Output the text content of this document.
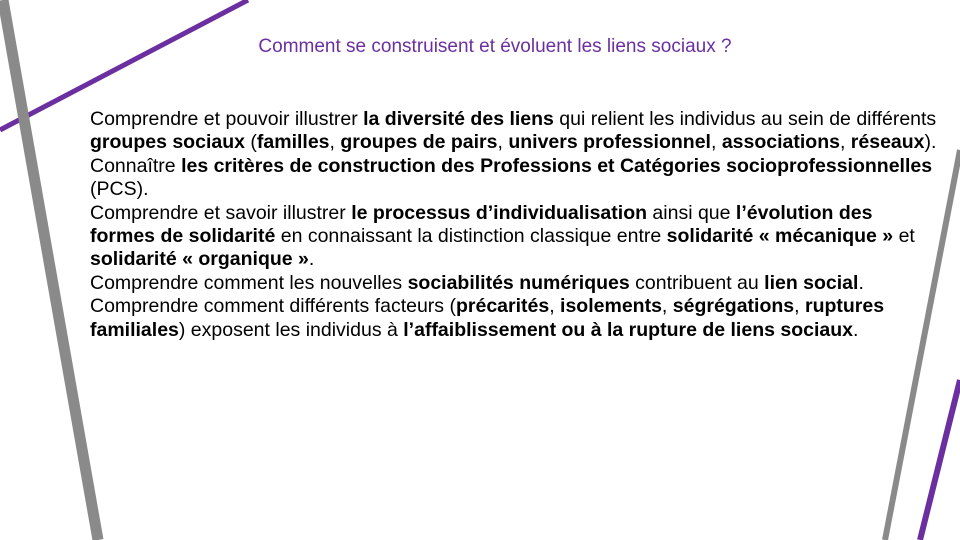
Comment se construisent et évoluent les liens sociaux ?

Comprendre et pouvoir illustrer la diversité des liens qui relient les individus au sein de différents groupes sociaux (familles, groupes de pairs, univers professionnel, associations, réseaux).

Connaître les critères de construction des Professions et Catégories socioprofessionnelles (PCS).

Comprendre et savoir illustrer le processus d’individualisation ainsi que l’évolution des formes de solidarité en connaissant la distinction classique entre solidarité « mécanique » et solidarité « organique ».

Comprendre comment les nouvelles sociabilités numériques contribuent au lien social.

Comprendre comment différents facteurs (précarités, isolements, ségrégations, ruptures familiales) exposent les individus à l’affaiblissement ou à la rupture de liens sociaux.
